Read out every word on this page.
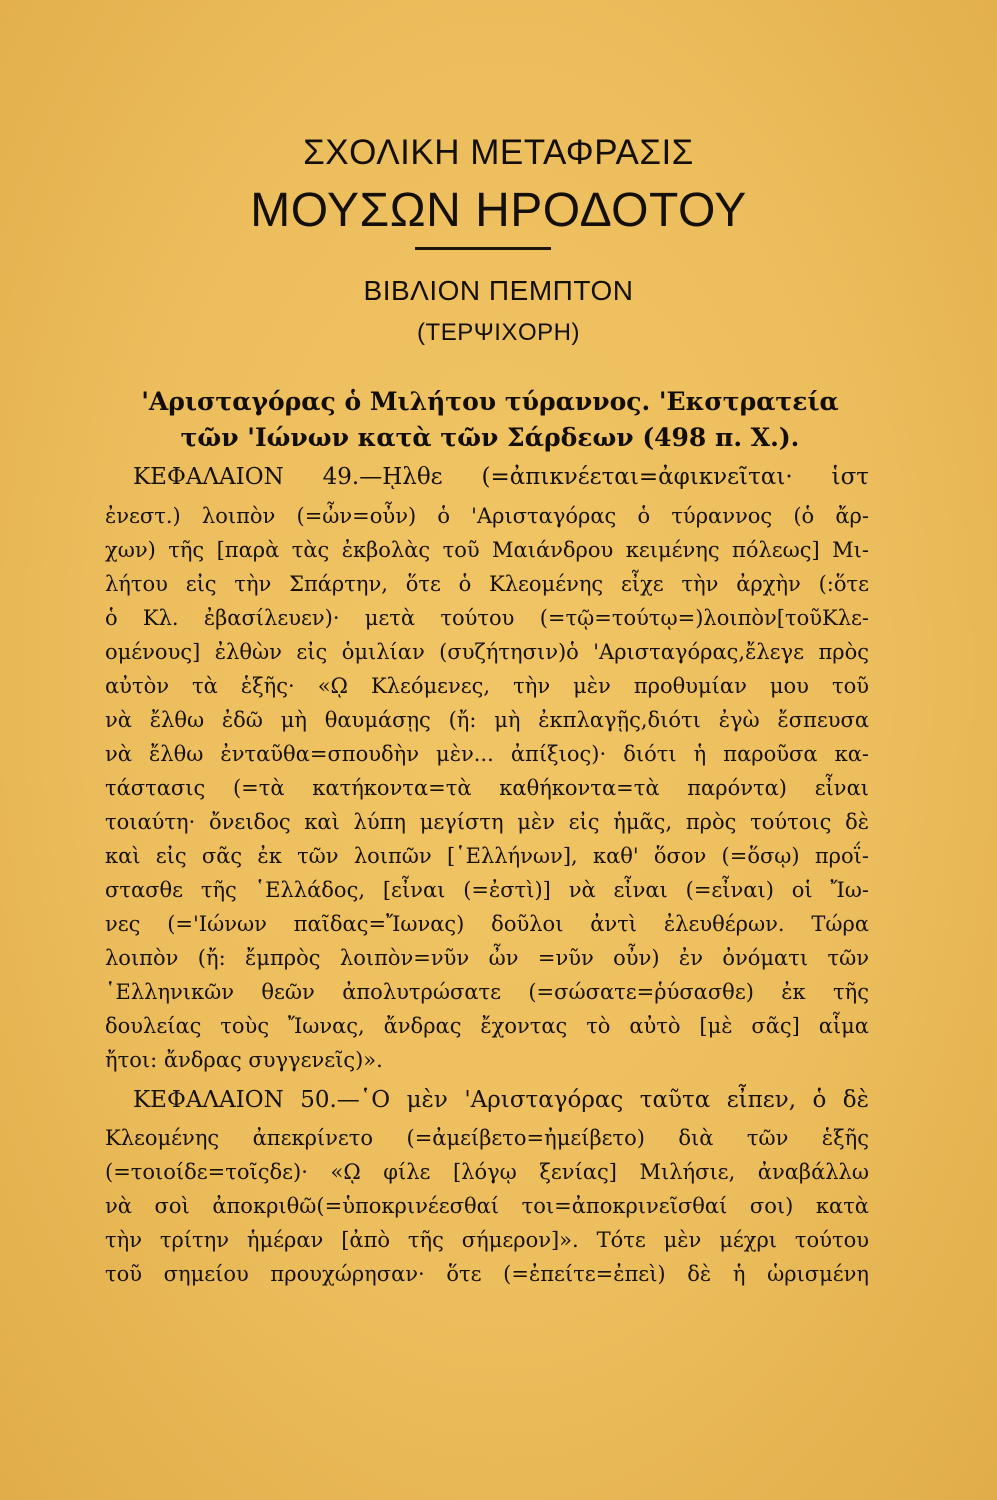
ΣΧΟΛΙΚΗ ΜΕΤΑΦΡΑΣΙΣ
ΜΟΥΣΩΝ ΗΡΟΔΟΤΟΥ
ΒΙΒΛΙΟΝ ΠΕΜΠΤΟΝ
(ΤΕΡΨΙΧΟΡΗ)
'Αρισταγόρας ὁ Μιλήτου τύραννος. 'Εκστρατεία
τῶν 'Ιώνων κατὰ τῶν Σάρδεων (498 π. Χ.).
ΚΕΦΑΛΑΙΟΝ 49.—ῌλθε (=ἀπικνέεται=ἀφικνεῖται· ἱστ
ἐνεστ.) λοιπὸν (=ὦν=οὖν) ὁ 'Αρισταγόρας ὁ τύραννος (ὁ ἄρ-
χων) τῆς [παρὰ τὰς ἐκβολὰς τοῦ Μαιάνδρου κειμένης πόλεως] Μι-
λήτου εἰς τὴν Σπάρτην, ὅτε ὁ Κλεομένης εἶχε τὴν ἀρχὴν (:ὅτε
ὁ Κλ. ἐβασίλευεν)· μετὰ τούτου (=τῷ=τούτῳ=)λοιπὸν[τοῦΚλε-
ομένους] ἐλθὼν εἰς ὁμιλίαν (συζήτησιν)ὁ 'Αρισταγόρας,ἔλεγε πρὸς
αὐτὸν τὰ ἑξῆς· «ῼ Κλεόμενες, τὴν μὲν προθυμίαν μου τοῦ
νὰ ἔλθω ἐδῶ μὴ θαυμάσῃς (ἤ: μὴ ἐκπλαγῇς,διότι ἐγὼ ἔσπευσα
νὰ ἔλθω ἐνταῦθα=σπουδὴν μὲν... ἀπίξιος)· διότι ἡ παροῦσα κα-
τάστασις (=τὰ κατήκοντα=τὰ καθήκοντα=τὰ παρόντα) εἶναι
τοιαύτη· ὄνειδος καὶ λύπη μεγίστη μὲν εἰς ἡμᾶς, πρὸς τούτοις δὲ
καὶ εἰς σᾶς ἐκ τῶν λοιπῶν [῾Ελλήνων], καθ' ὅσον (=ὅσῳ) προΐ-
στασθε τῆς ῾Ελλάδος, [εἶναι (=ἐστὶ)] νὰ εἶναι (=εἶναι) οἱ Ἴω-
νες (='Ιώνων παῖδας=Ἴωνας) δοῦλοι ἀντὶ ἐλευθέρων. Τώρα
λοιπὸν (ἤ: ἔμπρὸς λοιπὸν=νῦν ὦν =νῦν οὖν) ἐν ὀνόματι τῶν
῾Ελληνικῶν θεῶν ἀπολυτρώσατε (=σώσατε=ῥύσασθε) ἐκ τῆς
δουλείας τοὺς Ἴωνας, ἄνδρας ἔχοντας τὸ αὐτὸ [μὲ σᾶς] αἷμα
ἤτοι: ἄνδρας συγγενεῖς)».
ΚΕΦΑΛΑΙΟΝ 50.—῾Ο μὲν 'Αρισταγόρας ταῦτα εἶπεν, ὁ δὲ
Κλεομένης ἀπεκρίνετο (=ἀμείβετο=ἠμείβετο) διὰ τῶν ἑξῆς
(=τοιοίδε=τοῖςδε)· «ῼ φίλε [λόγῳ ξενίας] Μιλήσιε, ἀναβάλλω
νὰ σοὶ ἀποκριθῶ(=ὑποκρινέεσθαί τοι=ἀποκρινεῖσθαί σοι) κατὰ
τὴν τρίτην ἡμέραν [ἀπὸ τῆς σήμερον]». Τότε μὲν μέχρι τούτου
τοῦ σημείου προυχώρησαν· ὅτε (=ἐπείτε=ἐπεὶ) δὲ ἡ ὡρισμένη
